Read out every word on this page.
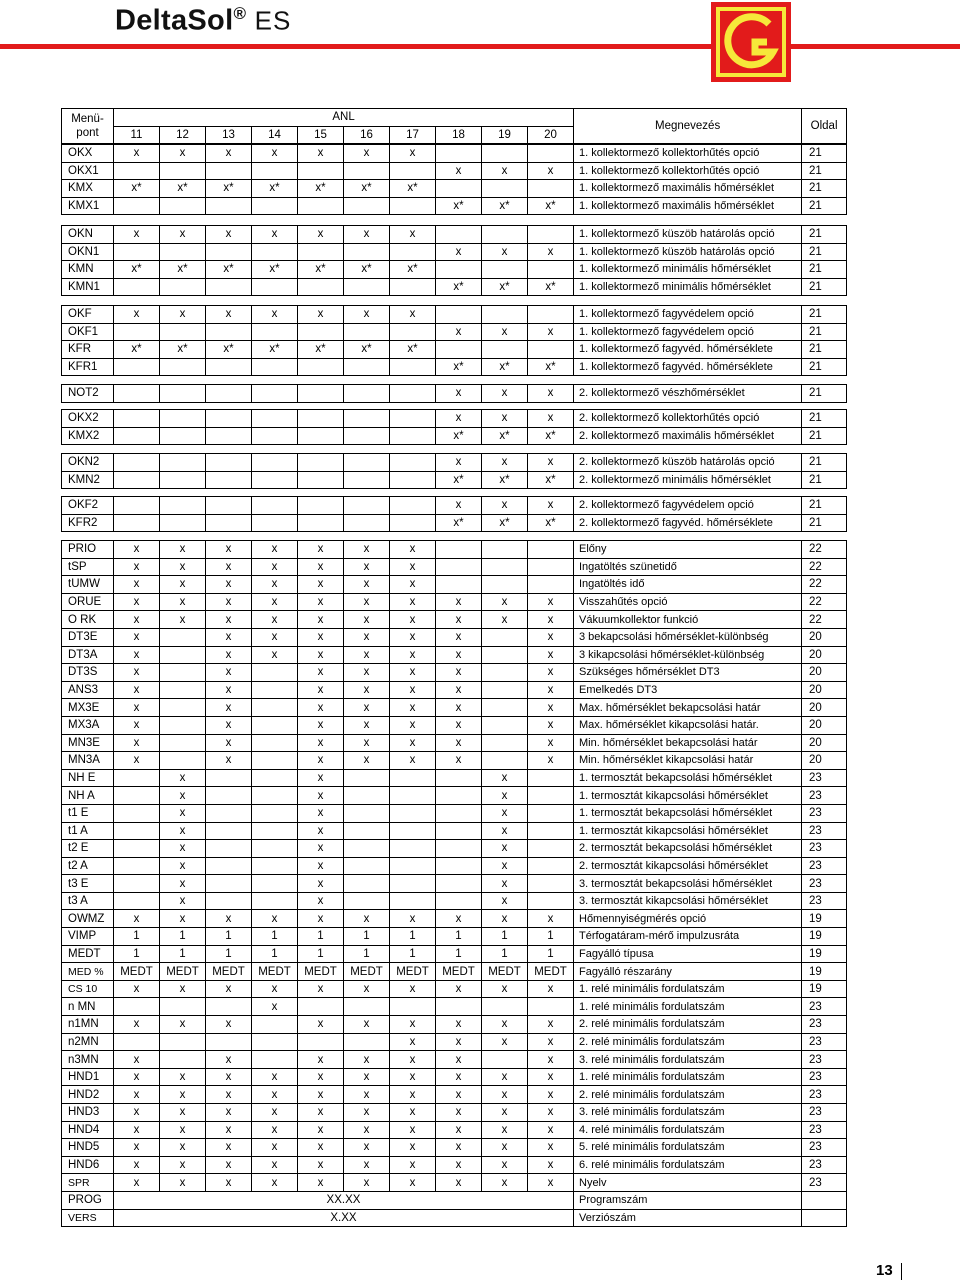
DeltaSol® ES
Menü-
pont	ANL										Megnevezés	Oldal
	11	12	13	14	15	16	17	18	19	20		
OKX	x	x	x	x	x	x	x				1. kollektormező kollektorhűtés opció	21
OKX1								x	x	x	1. kollektormező kollektorhűtés opció	21
KMX	x*	x*	x*	x*	x*	x*	x*				1. kollektormező maximális hőmérséklet	21
KMX1								x*	x*	x*	1. kollektormező maximális hőmérséklet	21
OKN	x	x	x	x	x	x	x				1. kollektormező küszöb határolás opció	21
OKN1								x	x	x	1. kollektormező küszöb határolás opció	21
KMN	x*	x*	x*	x*	x*	x*	x*				1. kollektormező minimális hőmérséklet	21
KMN1								x*	x*	x*	1. kollektormező minimális hőmérséklet	21
OKF	x	x	x	x	x	x	x				1. kollektormező fagyvédelem opció	21
OKF1								x	x	x	1. kollektormező fagyvédelem opció	21
KFR	x*	x*	x*	x*	x*	x*	x*				1. kollektormező fagyvéd. hőmérséklete	21
KFR1								x*	x*	x*	1. kollektormező fagyvéd. hőmérséklete	21
NOT2								x	x	x	2. kollektormező vészhőmérséklet	21
OKX2								x	x	x	2. kollektormező kollektorhűtés opció	21
KMX2								x*	x*	x*	2. kollektormező maximális hőmérséklet	21
OKN2								x	x	x	2. kollektormező küszöb határolás opció	21
KMN2								x*	x*	x*	2. kollektormező minimális hőmérséklet	21
OKF2								x	x	x	2. kollektormező fagyvédelem opció	21
KFR2								x*	x*	x*	2. kollektormező fagyvéd. hőmérséklete	21
PRIO	x	x	x	x	x	x	x				Előny	22
tSP	x	x	x	x	x	x	x				Ingatöltés szünetidő	22
tUMW	x	x	x	x	x	x	x				Ingatöltés idő	22
ORUE	x	x	x	x	x	x	x	x	x	x	Visszahűtés opció	22
O RK	x	x	x	x	x	x	x	x	x	x	Vákuumkollektor funkció	22
DT3E	x		x	x	x	x	x	x		x	3 bekapcsolási hőmérséklet-különbség	20
DT3A	x		x	x	x	x	x	x		x	3 kikapcsolási hőmérséklet-különbség	20
DT3S	x		x		x	x	x	x		x	Szükséges hőmérséklet DT3	20
ANS3	x		x		x	x	x	x		x	Emelkedés DT3	20
MX3E	x		x		x	x	x	x		x	Max. hőmérséklet bekapcsolási határ	20
MX3A	x		x		x	x	x	x		x	Max. hőmérséklet kikapcsolási határ.	20
MN3E	x		x		x	x	x	x		x	Min. hőmérséklet bekapcsolási határ	20
MN3A	x		x		x	x	x	x		x	Min. hőmérséklet kikapcsolási határ	20
NH E		x			x				x		1. termosztát bekapcsolási hőmérséklet	23
NH A		x			x				x		1. termosztát kikapcsolási hőmérséklet	23
t1 E		x			x				x		1. termosztát bekapcsolási hőmérséklet	23
t1 A		x			x				x		1. termosztát kikapcsolási hőmérséklet	23
t2 E		x			x				x		2. termosztát bekapcsolási hőmérséklet	23
t2 A		x			x				x		2. termosztát kikapcsolási hőmérséklet	23
t3 E		x			x				x		3. termosztát bekapcsolási hőmérséklet	23
t3 A		x			x				x		3. termosztát kikapcsolási hőmérséklet	23
OWMZ	x	x	x	x	x	x	x	x	x	x	Hőmennyiségmérés opció	19
VIMP	1	1	1	1	1	1	1	1	1	1	Térfogatáram-mérő impulzusráta	19
MEDT	1	1	1	1	1	1	1	1	1	1	Fagyálló típusa	19
MED %	MEDT	MEDT	MEDT	MEDT	MEDT	MEDT	MEDT	MEDT	MEDT	MEDT	Fagyálló részarány	19
CS 10	x	x	x	x	x	x	x	x	x	x	1. relé minimális fordulatszám	19
n MN				x							1. relé minimális fordulatszám	23
n1MN	x	x	x		x	x	x	x	x	x	2. relé minimális fordulatszám	23
n2MN							x	x	x	x	2. relé minimális fordulatszám	23
n3MN	x		x		x	x	x	x		x	3. relé minimális fordulatszám	23
HND1	x	x	x	x	x	x	x	x	x	x	1. relé minimális fordulatszám	23
HND2	x	x	x	x	x	x	x	x	x	x	2. relé minimális fordulatszám	23
HND3	x	x	x	x	x	x	x	x	x	x	3. relé minimális fordulatszám	23
HND4	x	x	x	x	x	x	x	x	x	x	4. relé minimális fordulatszám	23
HND5	x	x	x	x	x	x	x	x	x	x	5. relé minimális fordulatszám	23
HND6	x	x	x	x	x	x	x	x	x	x	6. relé minimális fordulatszám	23
SPR	x	x	x	x	x	x	x	x	x	x	Nyelv	23
PROG	XX.XX										Programszám	
VERS	X.XX										Verziószám	
13
